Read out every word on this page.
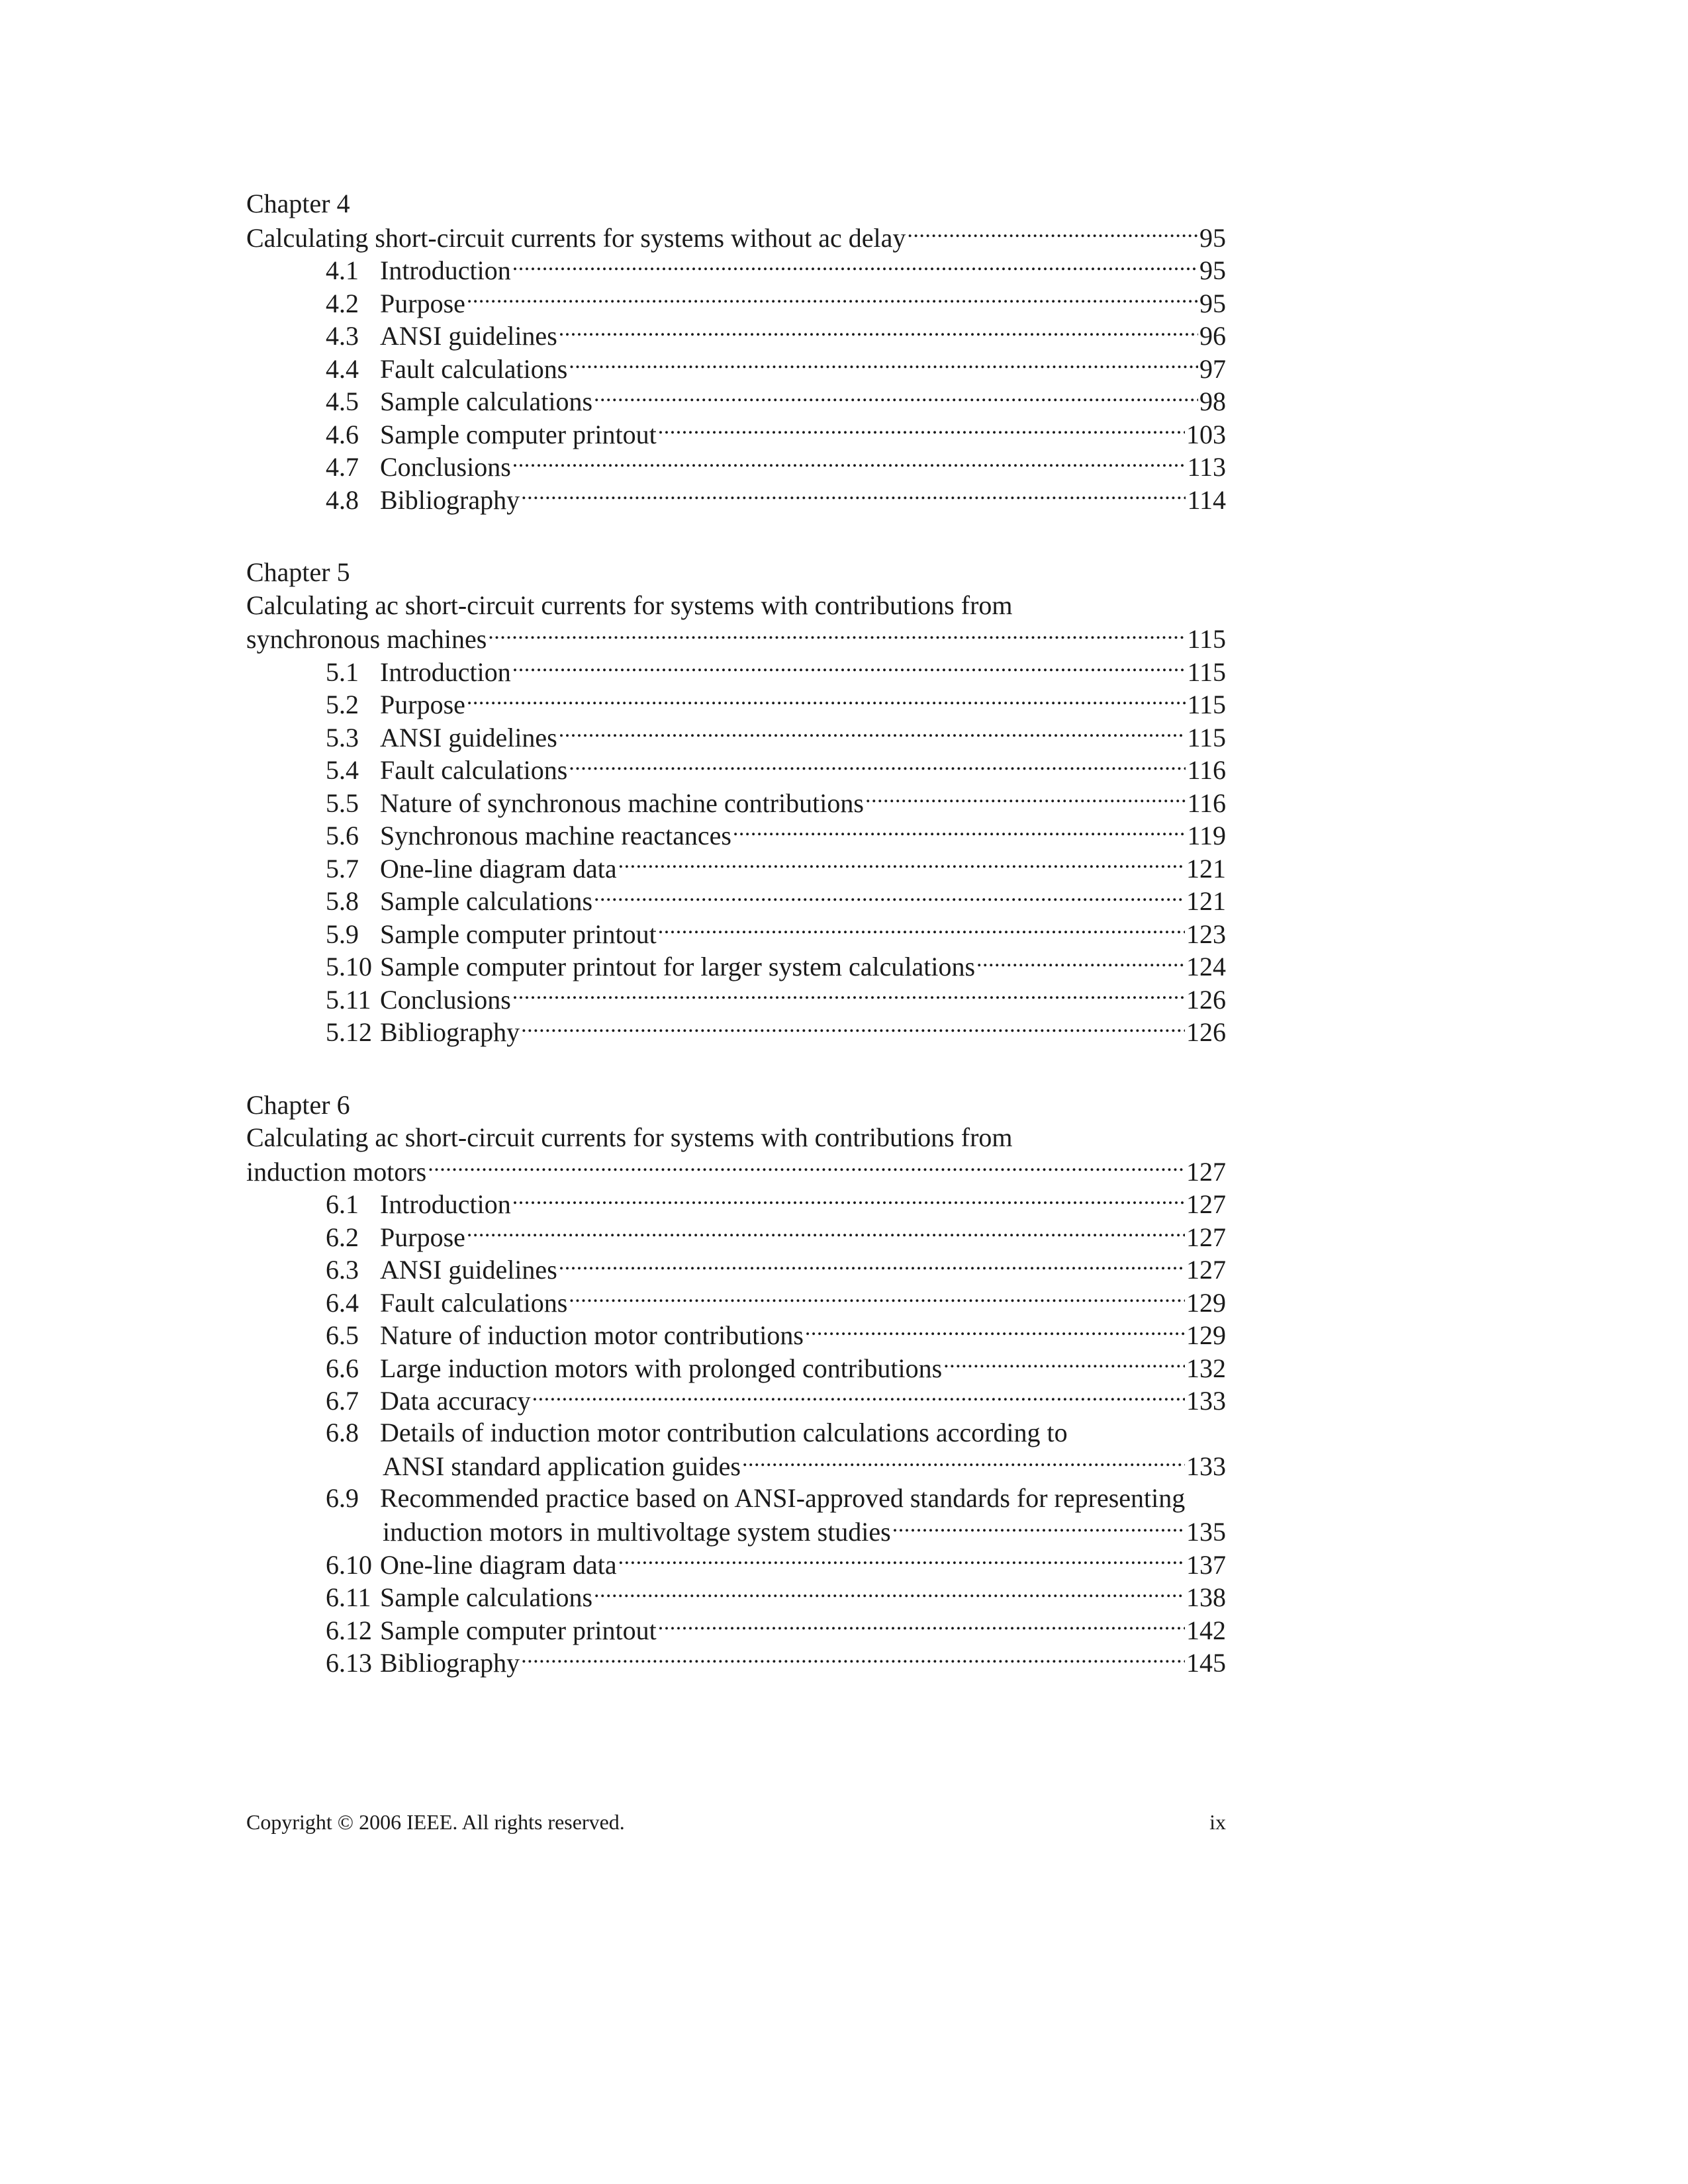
Chapter 4
Calculating short-circuit currents for systems without ac delay . . .	95
4.1 Introduction . . .	95
4.2 Purpose . . .	95
4.3 ANSI guidelines . . .	96
4.4 Fault calculations . . .	97
4.5 Sample calculations . . .	98
4.6 Sample computer printout . . .	103
4.7 Conclusions . . .	113
4.8 Bibliography . . .	114
Chapter 5
Calculating ac short-circuit currents for systems with contributions from
synchronous machines . . .	115
5.1 Introduction . . .	115
5.2 Purpose . . .	115
5.3 ANSI guidelines . . .	115
5.4 Fault calculations . . .	116
5.5 Nature of synchronous machine contributions . . .	116
5.6 Synchronous machine reactances . . .	119
5.7 One-line diagram data . . .	121
5.8 Sample calculations . . .	121
5.9 Sample computer printout . . .	123
5.10 Sample computer printout for larger system calculations . . .	124
5.11 Conclusions . . .	126
5.12 Bibliography . . .	126
Chapter 6
Calculating ac short-circuit currents for systems with contributions from
induction motors . . .	127
6.1 Introduction . . .	127
6.2 Purpose . . .	127
6.3 ANSI guidelines . . .	127
6.4 Fault calculations . . .	129
6.5 Nature of induction motor contributions . . .	129
6.6 Large induction motors with prolonged contributions . . .	132
6.7 Data accuracy . . .	133
6.8 Details of induction motor contribution calculations according to
ANSI standard application guides . . .	133
6.9 Recommended practice based on ANSI-approved standards for representing
induction motors in multivoltage system studies . . .	135
6.10 One-line diagram data . . .	137
6.11 Sample calculations . . .	138
6.12 Sample computer printout . . .	142
6.13 Bibliography . . .	145
Copyright © 2006 IEEE. All rights reserved.	ix
